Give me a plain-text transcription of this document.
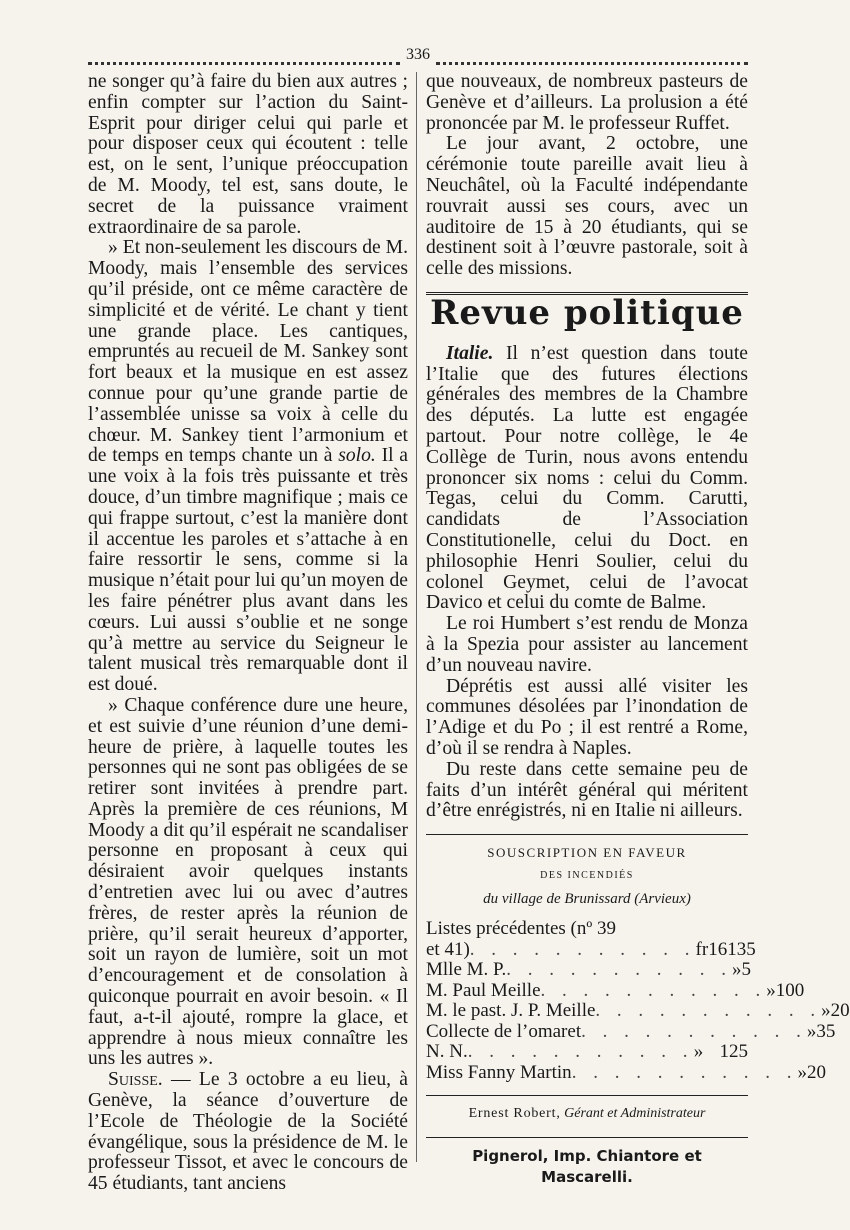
336

ne songer qu’à faire du bien aux autres ; enfin compter sur l’action du Saint-Esprit pour diriger celui qui parle et pour disposer ceux qui écoutent : telle est, on le sent, l’unique préoccupation de M. Moody, tel est, sans doute, le secret de la puissance vraiment extraordinaire de sa parole.

» Et non-seulement les discours de M. Moody, mais l’ensemble des services qu’il préside, ont ce même caractère de simplicité et de vérité. Le chant y tient une grande place. Les cantiques, empruntés au recueil de M. Sankey sont fort beaux et la musique en est assez connue pour qu’une grande partie de l’assemblée unisse sa voix à celle du chœur. M. Sankey tient l’armonium et de temps en temps chante un à solo. Il a une voix à la fois très puissante et très douce, d’un timbre magnifique ; mais ce qui frappe surtout, c’est la manière dont il accentue les paroles et s’attache à en faire ressortir le sens, comme si la musique n’était pour lui qu’un moyen de les faire pénétrer plus avant dans les cœurs. Lui aussi s’oublie et ne songe qu’à mettre au service du Seigneur le talent musical très remarquable dont il est doué.

» Chaque conférence dure une heure, et est suivie d’une réunion d’une demi-heure de prière, à laquelle toutes les personnes qui ne sont pas obligées de se retirer sont invitées à prendre part. Après la première de ces réunions, M Moody a dit qu’il espérait ne scandaliser personne en proposant à ceux qui désiraient avoir quelques instants d’entretien avec lui ou avec d’autres frères, de rester après la réunion de prière, qu’il serait heureux d’apporter, soit un rayon de lumière, soit un mot d’encouragement et de consolation à quiconque pourrait en avoir besoin. « Il faut, a-t-il ajouté, rompre la glace, et apprendre à nous mieux connaître les uns les autres ».

Suisse. — Le 3 octobre a eu lieu, à Genève, la séance d’ouverture de l’Ecole de Théologie de la Société évangélique, sous la présidence de M. le professeur Tissot, et avec le concours de 45 étudiants, tant anciens

que nouveaux, de nombreux pasteurs de Genève et d’ailleurs. La prolusion a été prononcée par M. le professeur Ruffet.

Le jour avant, 2 octobre, une cérémonie toute pareille avait lieu à Neuchâtel, où la Faculté indépendante rouvrait aussi ses cours, avec un auditoire de 15 à 20 étudiants, qui se destinent soit à l’œuvre pastorale, soit à celle des missions.

Revue politique

Italie. Il n’est question dans toute l’Italie que des futures élections générales des membres de la Chambre des députés. La lutte est engagée partout. Pour notre collège, le 4e Collège de Turin, nous avons entendu prononcer six noms : celui du Comm. Tegas, celui du Comm. Carutti, candidats de l’Association Constitutionelle, celui du Doct. en philosophie Henri Soulier, celui du colonel Geymet, celui de l’avocat Davico et celui du comte de Balme.

Le roi Humbert s’est rendu de Monza à la Spezia pour assister au lancement d’un nouveau navire.

Déprétis est aussi allé visiter les communes désolées par l’inondation de l’Adige et du Po ; il est rentré a Rome, d’où il se rendra à Naples.

Du reste dans cette semaine peu de faits d’un intérêt général qui méritent d’être enrégistrés, ni en Italie ni ailleurs.

SOUSCRIPTION EN FAVEUR
DES INCENDIÉS
du village de Brunissard (Arvieux)
Listes précédentes (nº 39
et 41) . . . . . . . . . . . fr 161 35
Mlle M. P. . . . . . . . . . . . » 5
M. Paul Meille . . . . . . . . . . . » 100
M. le past. J. P. Meille . . . . . . . . . . . » 20
Collecte de l’omaret . . . . . . . . . . . » 35
N. N. . . . . . . . . . . . » 1 25
Miss Fanny Martin . . . . . . . . . . . » 20
Ernest Robert, Gérant et Administrateur
Pignerol, Imp. Chiantore et Mascarelli.
